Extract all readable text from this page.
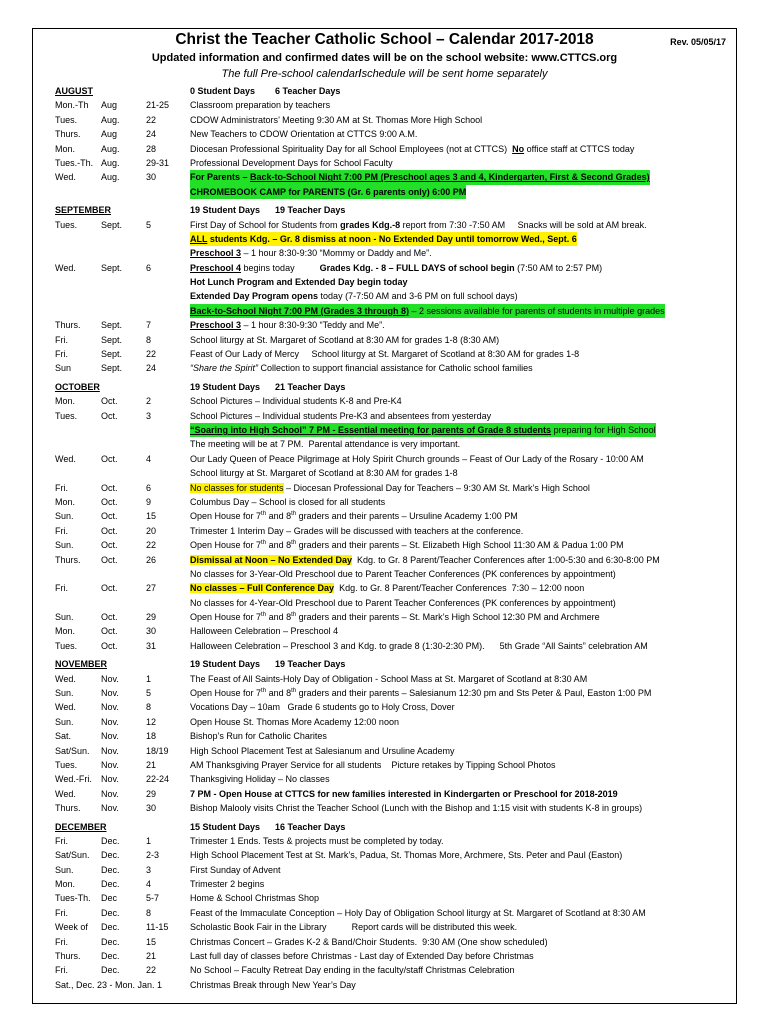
Christ the Teacher Catholic School – Calendar 2017-2018	Rev. 05/05/17
Updated information and confirmed dates will be on the school website: www.CTTCS.org
The full Pre-school calendar/schedule will be sent home separately
AUGUST	0 Student Days        6 Teacher Days
Mon.-Th Aug	21-25 Classroom preparation by teachers
Tues.	Aug.	22	CDOW Administrators’ Meeting 9:30 AM at St. Thomas More High School
Thurs. Aug	24	New Teachers to CDOW Orientation at CTTCS 9:00 A.M.
Mon.	Aug.	28	Diocesan Professional Spirituality Day for all School Employees (not at CTTCS)  No office staff at CTTCS today
Tues.-Th. Aug.	29-31 Professional Development Days for School Faculty
Wed.	Aug.	30	For Parents – Back-to-School Night 7:00 PM (Preschool ages 3 and 4, Kindergarten, First & Second Grades)
CHROMEBOOK CAMP for PARENTS (Gr. 6 parents only) 6:00 PM
SEPTEMBER	19 Student Days      19 Teacher Days
Tues.	Sept.	5	First Day of School for Students from grades Kdg.-8 report from 7:30 -7:50 AM     Snacks will be sold at AM break.
ALL students Kdg. – Gr. 8 dismiss at noon - No Extended Day until tomorrow Wed., Sept. 6
Preschool 3 – 1 hour 8:30-9:30 “Mommy or Daddy and Me”.
Wed.	Sept.	6	Preschool 4 begins today          Grades Kdg. - 8 – FULL DAYS of school begin (7:50 AM to 2:57 PM)
Hot Lunch Program and Extended Day begin today
Extended Day Program opens today (7-7:50 AM and 3-6 PM on full school days)
Back-to-School Night 7:00 PM (Grades 3 through 8) – 2 sessions available for parents of students in multiple grades
Thurs. Sept.	7	Preschool 3 – 1 hour 8:30-9:30 “Teddy and Me”.
Fri.	Sept.	8	School liturgy at St. Margaret of Scotland at 8:30 AM for grades 1-8 (8:30 AM)
Fri.	Sept.	22	Feast of Our Lady of Mercy     School liturgy at St. Margaret of Scotland at 8:30 AM for grades 1-8
Sun	Sept.	24	“Share the Spirit” Collection to support financial assistance for Catholic school families
OCTOBER	19 Student Days      21 Teacher Days
Mon.	Oct.	2	School Pictures – Individual students K-8 and Pre-K4
Tues.	Oct.	3	School Pictures – Individual students Pre-K3 and absentees from yesterday
“Soaring into High School” 7 PM - Essential meeting for parents of Grade 8 students preparing for High School
The meeting will be at 7 PM.  Parental attendance is very important.
Wed.	Oct.	4	Our Lady Queen of Peace Pilgrimage at Holy Spirit Church grounds – Feast of Our Lady of the Rosary - 10:00 AM
School liturgy at St. Margaret of Scotland at 8:30 AM for grades 1-8
Fri.	Oct.	6	No classes for students – Diocesan Professional Day for Teachers – 9:30 AM St. Mark’s High School
Mon.	Oct.	9	Columbus Day – School is closed for all students
Sun.	Oct.	15	Open House for 7th and 8th graders and their parents – Ursuline Academy 1:00 PM
Fri.	Oct.	20	Trimester 1 Interim Day – Grades will be discussed with teachers at the conference.
Sun.	Oct.	22	Open House for 7th and 8th graders and their parents – St. Elizabeth High School 11:30 AM & Padua 1:00 PM
Thurs. Oct.	26	Dismissal at Noon – No Extended Day  Kdg. to Gr. 8 Parent/Teacher Conferences after 1:00-5:30 and 6:30-8:00 PM
No classes for 3-Year-Old Preschool due to Parent Teacher Conferences (PK conferences by appointment)
Fri.	Oct.	27	No classes – Full Conference Day  Kdg. to Gr. 8 Parent/Teacher Conferences  7:30 – 12:00 noon
No classes for 4-Year-Old Preschool due to Parent Teacher Conferences (PK conferences by appointment)
Sun.	Oct.	29	Open House for 7th and 8th graders and their parents – St. Mark’s High School 12:30 PM and Archmere
Mon.	Oct.	30	Halloween Celebration – Preschool 4
Tues.	Oct.	31	Halloween Celebration – Preschool 3 and Kdg. to grade 8 (1:30-2:30 PM).      5th Grade “All Saints” celebration AM
NOVEMBER	19 Student Days      19 Teacher Days
Wed.	Nov.	1	The Feast of All Saints-Holy Day of Obligation - School Mass at St. Margaret of Scotland at 8:30 AM
Sun.	Nov.	5	Open House for 7th and 8th graders and their parents – Salesianum 12:30 pm and Sts Peter & Paul, Easton 1:00 PM
Wed.	Nov.	8	Vocations Day – 10am   Grade 6 students go to Holy Cross, Dover
Sun.	Nov.	12	Open House St. Thomas More Academy 12:00 noon
Sat.	Nov.	18	Bishop’s Run for Catholic Charites
Sat/Sun. Nov.	18/19 High School Placement Test at Salesianum and Ursuline Academy
Tues.	Nov.	21	AM Thanksgiving Prayer Service for all students    Picture retakes by Tipping School Photos
Wed.-Fri. Nov.	22-24 Thanksgiving Holiday – No classes
Wed.	Nov.	29	7 PM - Open House at CTTCS for new families interested in Kindergarten or Preschool for 2018-2019
Thurs. Nov.	30	Bishop Malooly visits Christ the Teacher School (Lunch with the Bishop and 1:15 visit with students K-8 in groups)
DECEMBER	15 Student Days      16 Teacher Days
Fri.	Dec.	1	Trimester 1 Ends. Tests & projects must be completed by today.
Sat/Sun. Dec.	2-3	High School Placement Test at St. Mark’s, Padua, St. Thomas More, Archmere, Sts. Peter and Paul (Easton)
Sun.	Dec.	3	First Sunday of Advent
Mon.	Dec.	4	Trimester 2 begins
Tues-Th. Dec	5-7	Home & School Christmas Shop
Fri.	Dec.	8	Feast of the Immaculate Conception – Holy Day of Obligation School liturgy at St. Margaret of Scotland at 8:30 AM
Week of Dec.	11-15 Scholastic Book Fair in the Library          Report cards will be distributed this week.
Fri.	Dec.	15	Christmas Concert – Grades K-2 & Band/Choir Students.  9:30 AM (One show scheduled)
Thurs. Dec.	21	Last full day of classes before Christmas - Last day of Extended Day before Christmas
Fri.	Dec.	22	No School – Faculty Retreat Day ending in the faculty/staff Christmas Celebration
Sat., Dec. 23 - Mon. Jan. 1	Christmas Break through New Year’s Day
